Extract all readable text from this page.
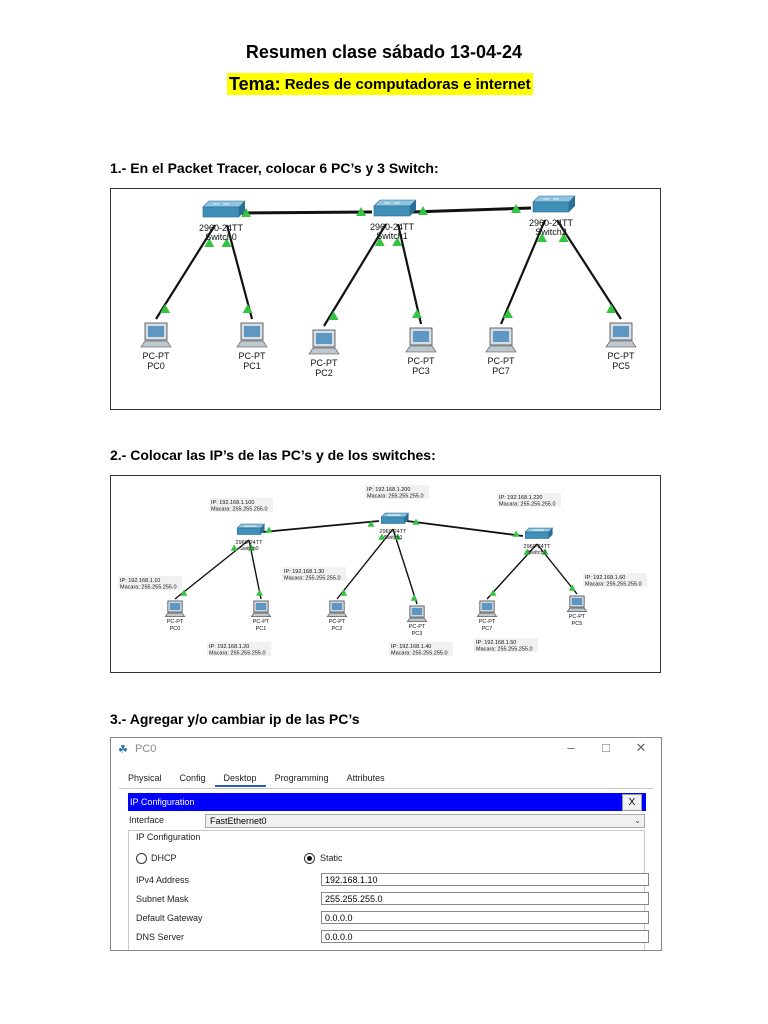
Resumen clase sábado 13-04-24
Tema: Redes de computadoras e internet
1.- En el Packet Tracer, colocar 6 PC’s y 3 Switch:
2960-24TT
Switch0
2960-24TT
Switch1
2960-24TT
Switch2
PC-PT
PC0
PC-PT
PC1	PC-PT
PC2
PC-PT
PC3
PC-PT
PC7
PC-PT
PC5
2.- Colocar las IP’s de las PC’s y de los switches:
2960-24TT
Switch0
2960-24TT
Switch1
2960-24TT
Switch2
PC-PT
PC0
PC-PT
PC1
PC-PT
PC2	PC-PT
PC3
PC-PT
PC7
PC-PT
PC5
IP: 192.168.1.100
Macara: 255.255.255.0
IP: 192.168.1.200
Macara: 255.255.255.0	IP: 192.168.1.220
Macara: 255.255.255.0
IP: 192.168.1.10
Macara: 255.255.255.0
IP: 192.168.1.20
Macara: 255.255.255.0
IP: 192.168.1.30
Macara: 255.255.255.0
IP: 192.168.1.40
Macara: 255.255.255.0
IP: 192.168.1.50
Macara: 255.255.255.0
IP: 192.168.1.60
Macara: 255.255.255.0
3.- Agregar y/o cambiar ip de las PC’s
☘ PC0	–	□	✕
Physical	Config	Desktop	Programming	Attributes
IP Configuration	X
Interface	FastEthernet0	⌄
IP Configuration
DHCP	Static
IPv4 Address	192.168.1.10
Subnet Mask	255.255.255.0
Default Gateway	0.0.0.0
DNS Server	0.0.0.0
